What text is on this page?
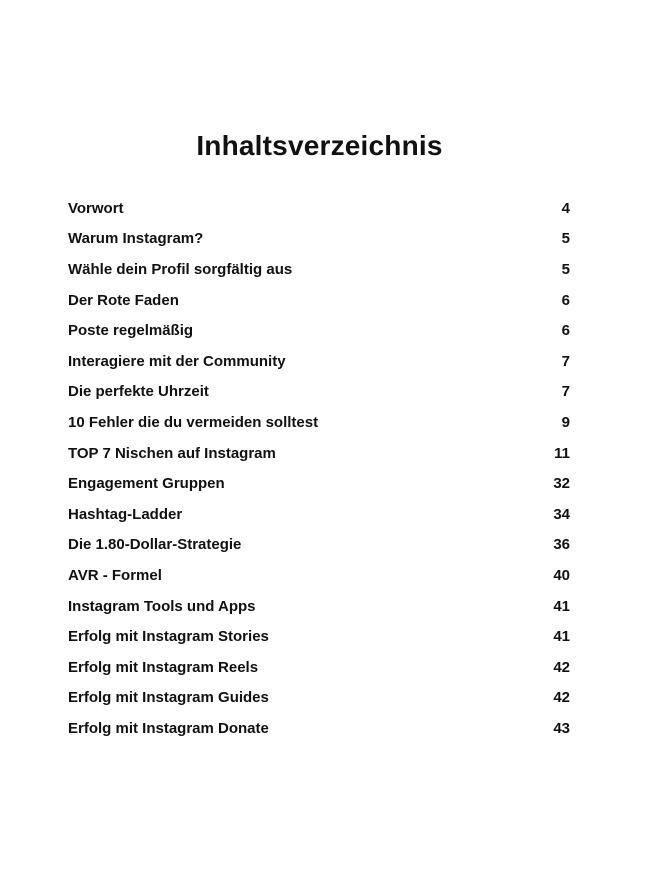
Inhaltsverzeichnis
Vorwort	4
Warum Instagram?	5
Wähle dein Profil sorgfältig aus	5
Der Rote Faden	6
Poste regelmäßig	6
Interagiere mit der Community	7
Die perfekte Uhrzeit	7
10 Fehler die du vermeiden solltest	9
TOP 7 Nischen auf Instagram	11
Engagement Gruppen	32
Hashtag-Ladder	34
Die 1.80-Dollar-Strategie	36
AVR - Formel	40
Instagram Tools und Apps	41
Erfolg mit Instagram Stories	41
Erfolg mit Instagram Reels	42
Erfolg mit Instagram Guides	42
Erfolg mit Instagram Donate	43
